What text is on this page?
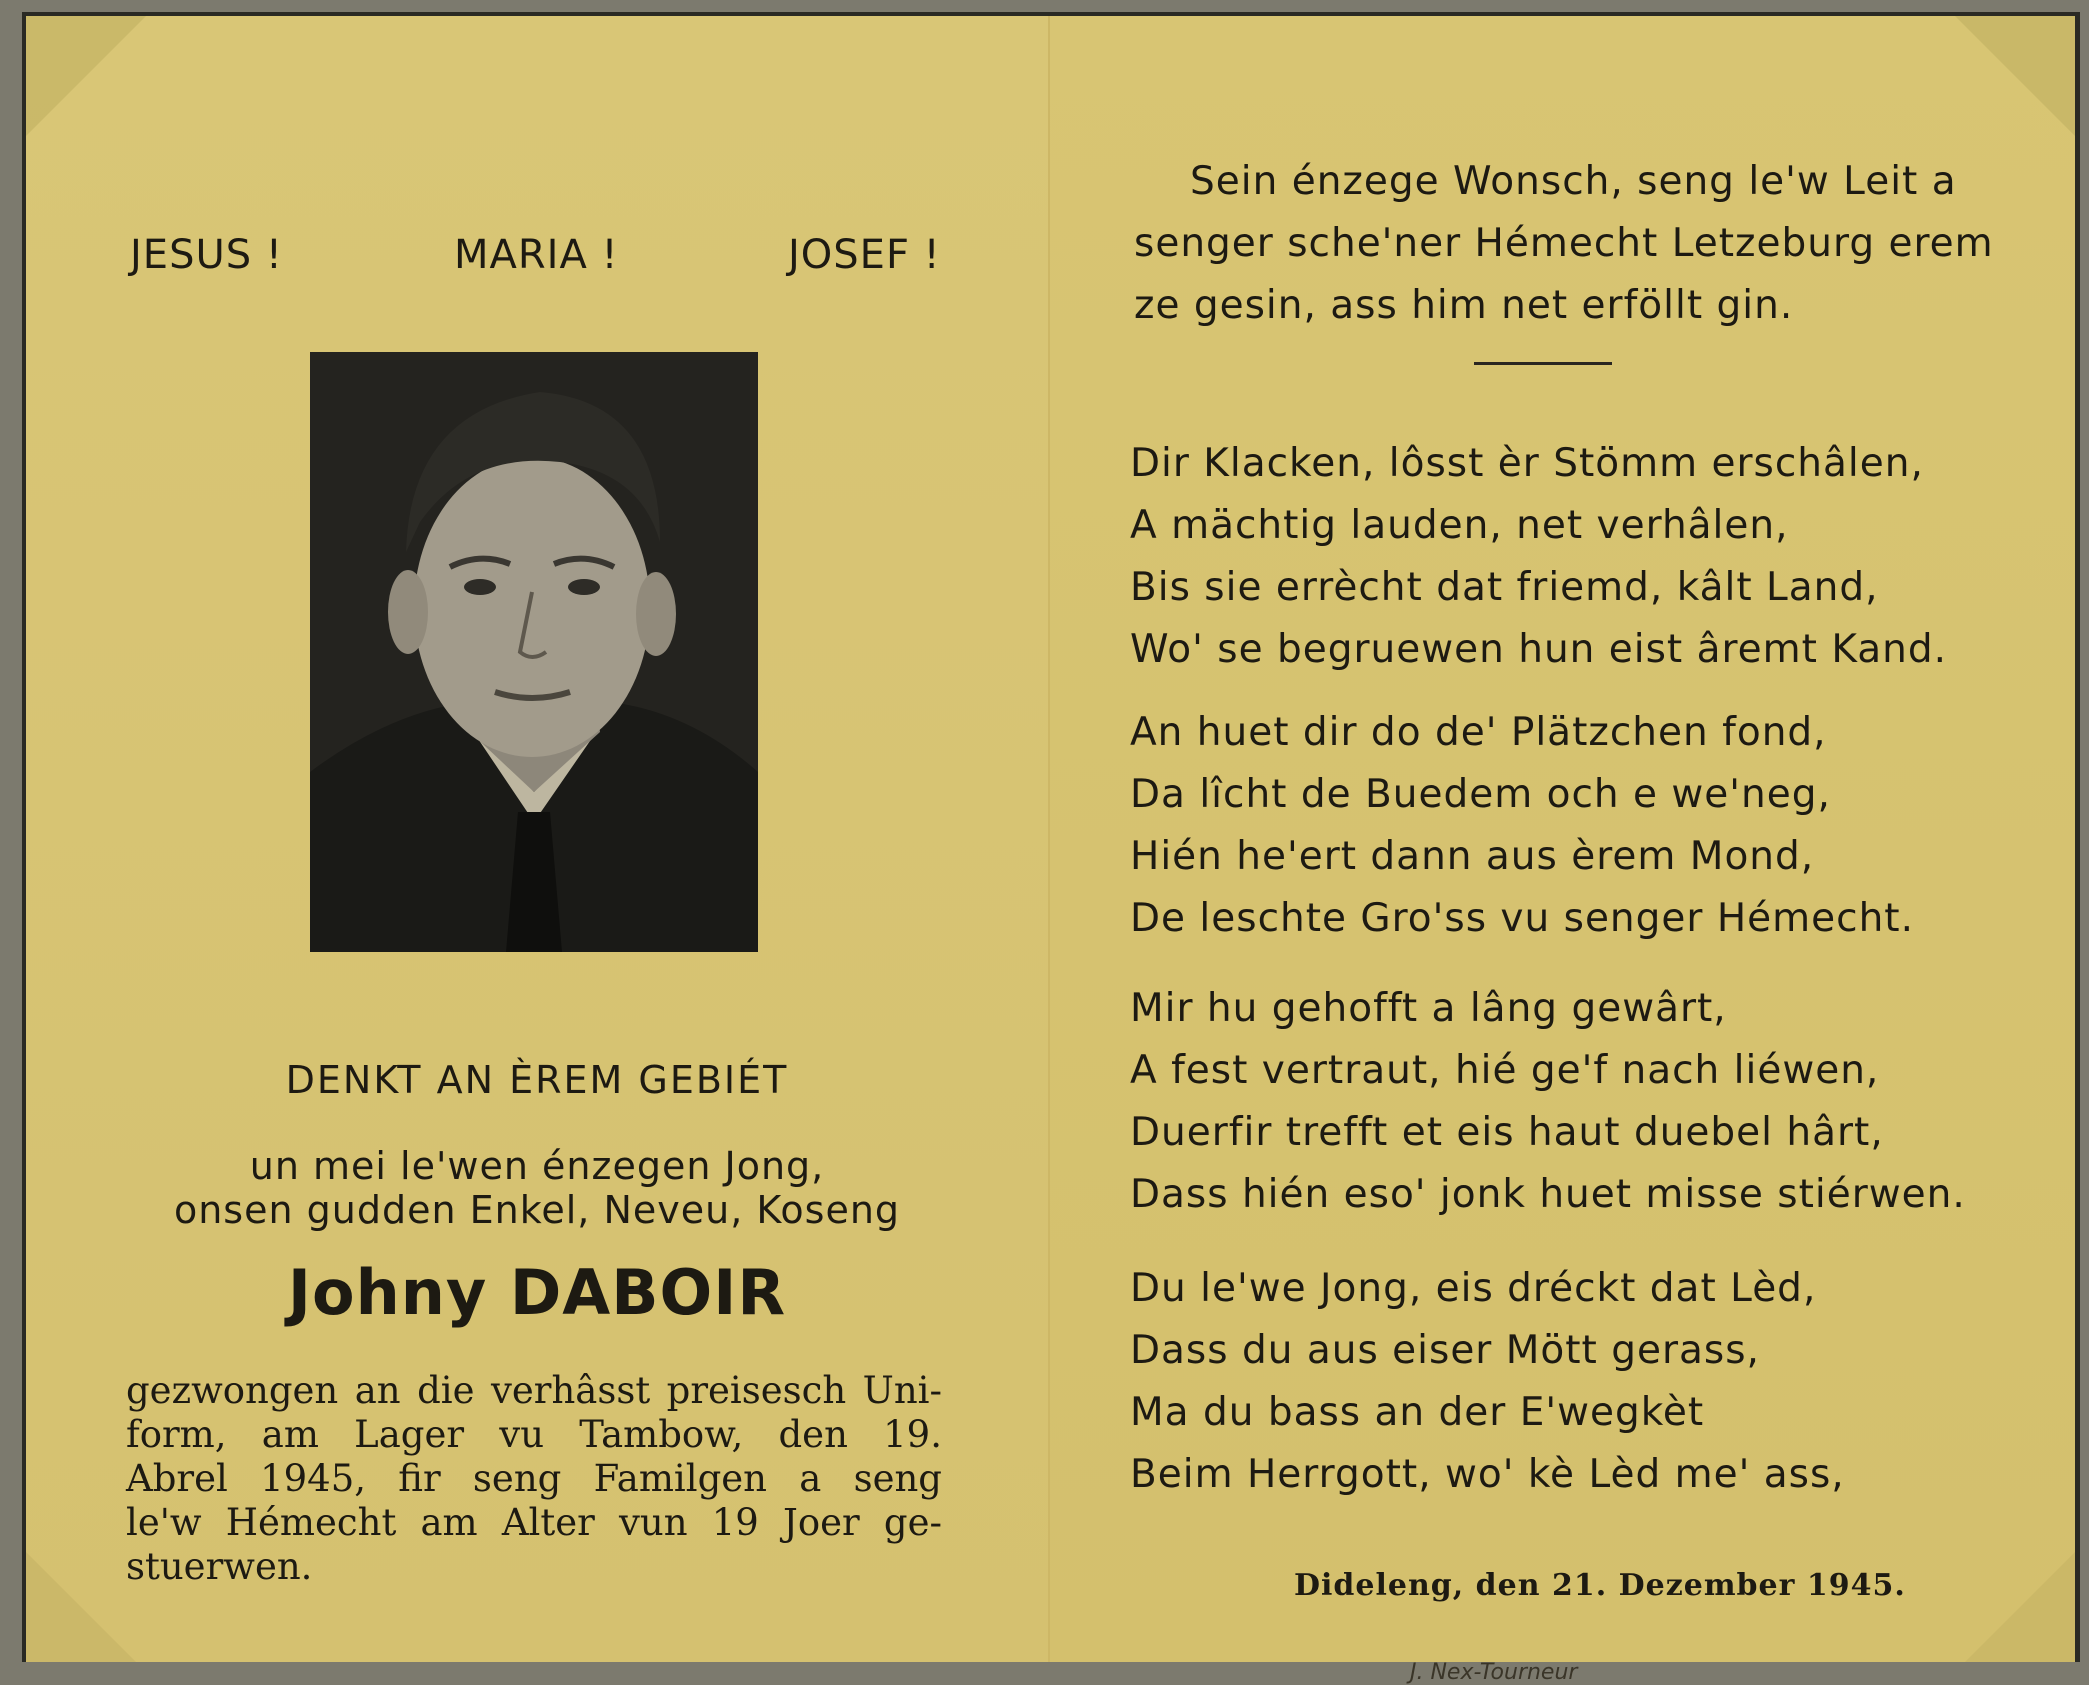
JESUS !	MARIA !	JOSEF !
DENKT AN ÈREM GEBIÉT
un mei le'wen énzegen Jong,
onsen gudden Enkel, Neveu, Koseng
Johny DABOIR
gezwongen an die verhâsst preisesch Uni-
form, am Lager vu Tambow, den 19.
Abrel 1945, fir seng Familgen a seng
le'w Hémecht am Alter vun 19 Joer ge-
stuerwen.
Sein énzege Wonsch, seng le'w Leit a
senger sche'ner Hémecht Letzeburg erem
ze gesin, ass him net erföllt gin.
Dir Klacken, lôsst èr Stömm erschâlen,
A mächtig lauden, net verhâlen,
Bis sie errècht dat friemd, kâlt Land,
Wo' se begruewen hun eist âremt Kand.
An huet dir do de' Plätzchen fond,
Da lîcht de Buedem och e we'neg,
Hién he'ert dann aus èrem Mond,
De leschte Gro'ss vu senger Hémecht.
Mir hu gehofft a lâng gewârt,
A fest vertraut, hié ge'f nach liéwen,
Duerfir trefft et eis haut duebel hârt,
Dass hién eso' jonk huet misse stiérwen.
Du le'we Jong, eis dréckt dat Lèd,
Dass du aus eiser Mött gerass,
Ma du bass an der E'wegkèt
Beim Herrgott, wo' kè Lèd me' ass,
Dideleng, den 21. Dezember 1945.
J. Nex-Tourneur
